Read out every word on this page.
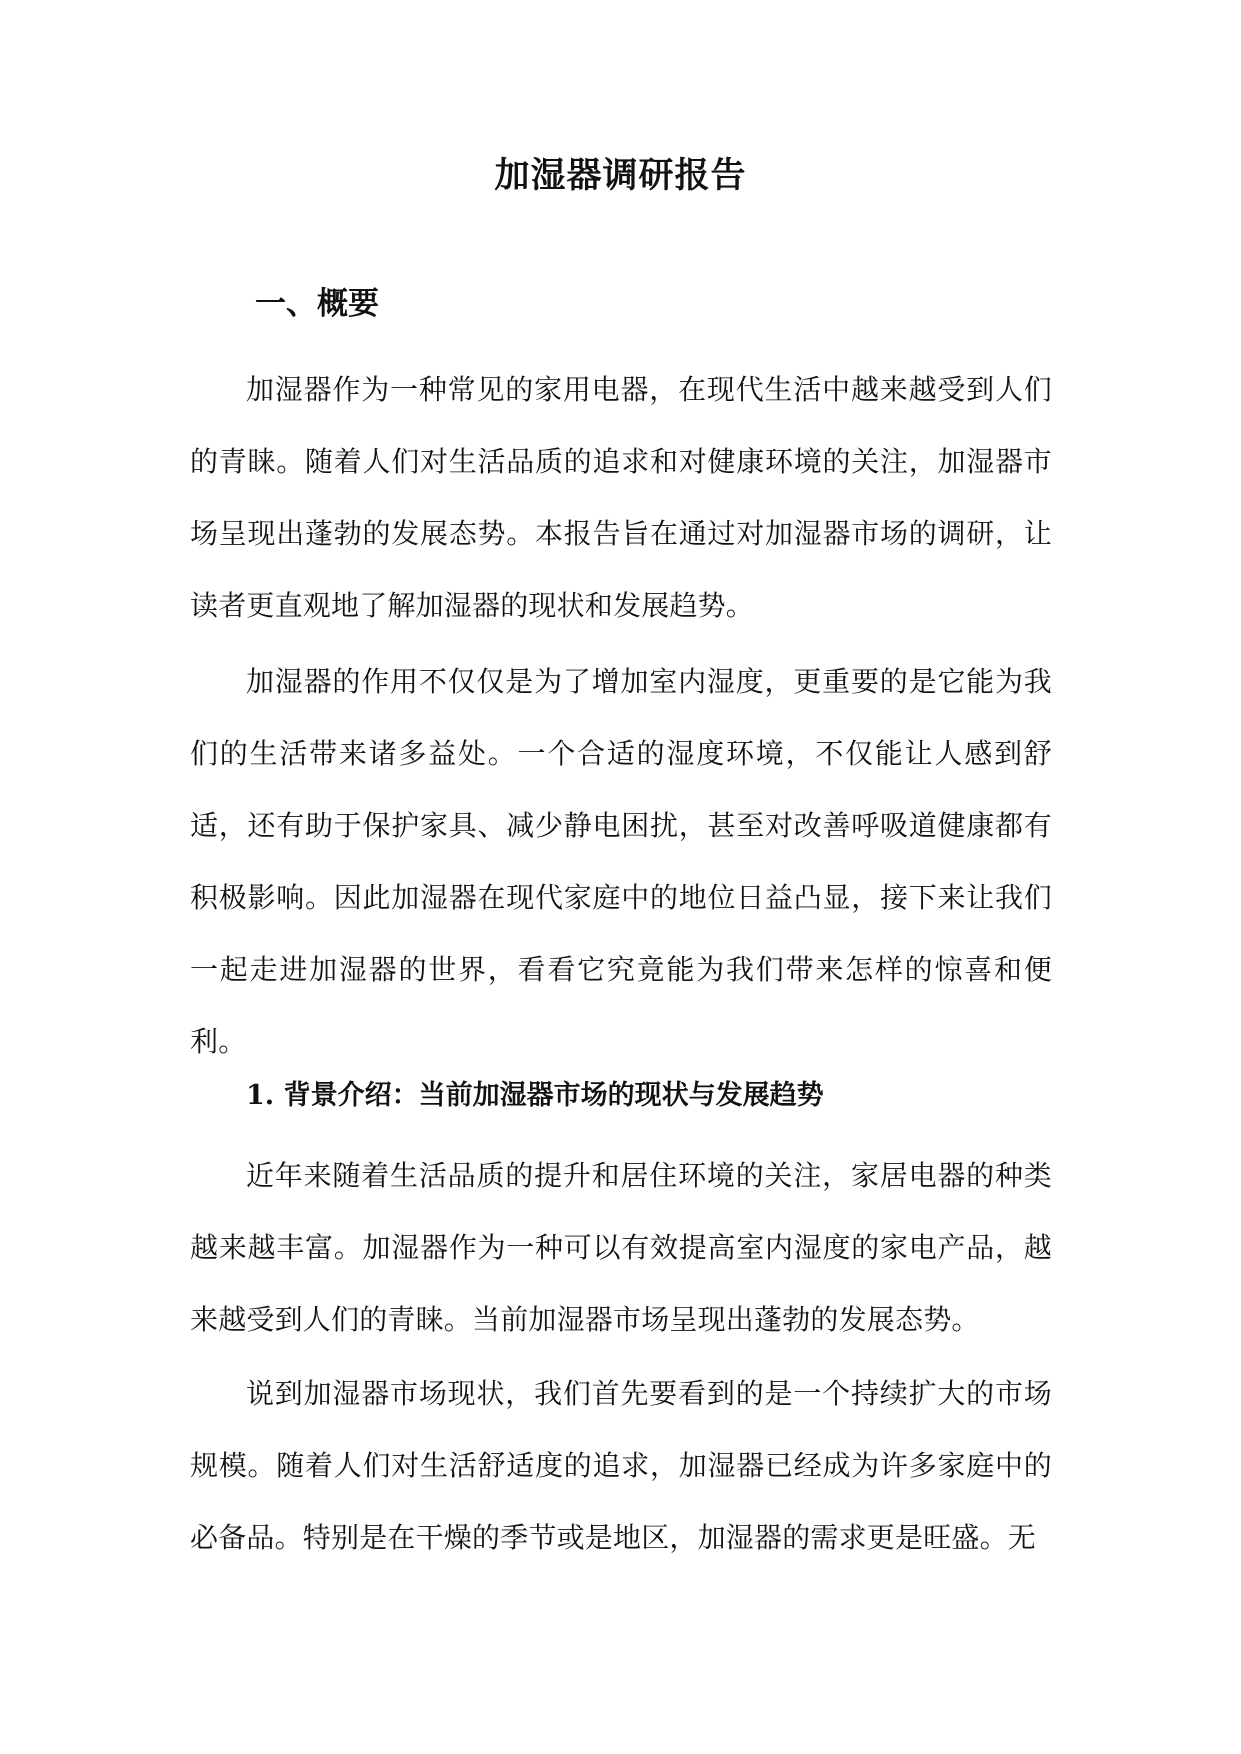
加湿器调研报告
一、概要

加湿器作为一种常见的家用电器，在现代生活中越来越受到人们的青睐。随着人们对生活品质的追求和对健康环境的关注，加湿器市场呈现出蓬勃的发展态势。本报告旨在通过对加湿器市场的调研，让读者更直观地了解加湿器的现状和发展趋势。

加湿器的作用不仅仅是为了增加室内湿度，更重要的是它能为我们的生活带来诸多益处。一个合适的湿度环境，不仅能让人感到舒适，还有助于保护家具、减少静电困扰，甚至对改善呼吸道健康都有积极影响。因此加湿器在现代家庭中的地位日益凸显，接下来让我们一起走进加湿器的世界，看看它究竟能为我们带来怎样的惊喜和便利。

1. 背景介绍：当前加湿器市场的现状与发展趋势

近年来随着生活品质的提升和居住环境的关注，家居电器的种类越来越丰富。加湿器作为一种可以有效提高室内湿度的家电产品，越来越受到人们的青睐。当前加湿器市场呈现出蓬勃的发展态势。

说到加湿器市场现状，我们首先要看到的是一个持续扩大的市场规模。随着人们对生活舒适度的追求，加湿器已经成为许多家庭中的必备品。特别是在干燥的季节或是地区，加湿器的需求更是旺盛。无
